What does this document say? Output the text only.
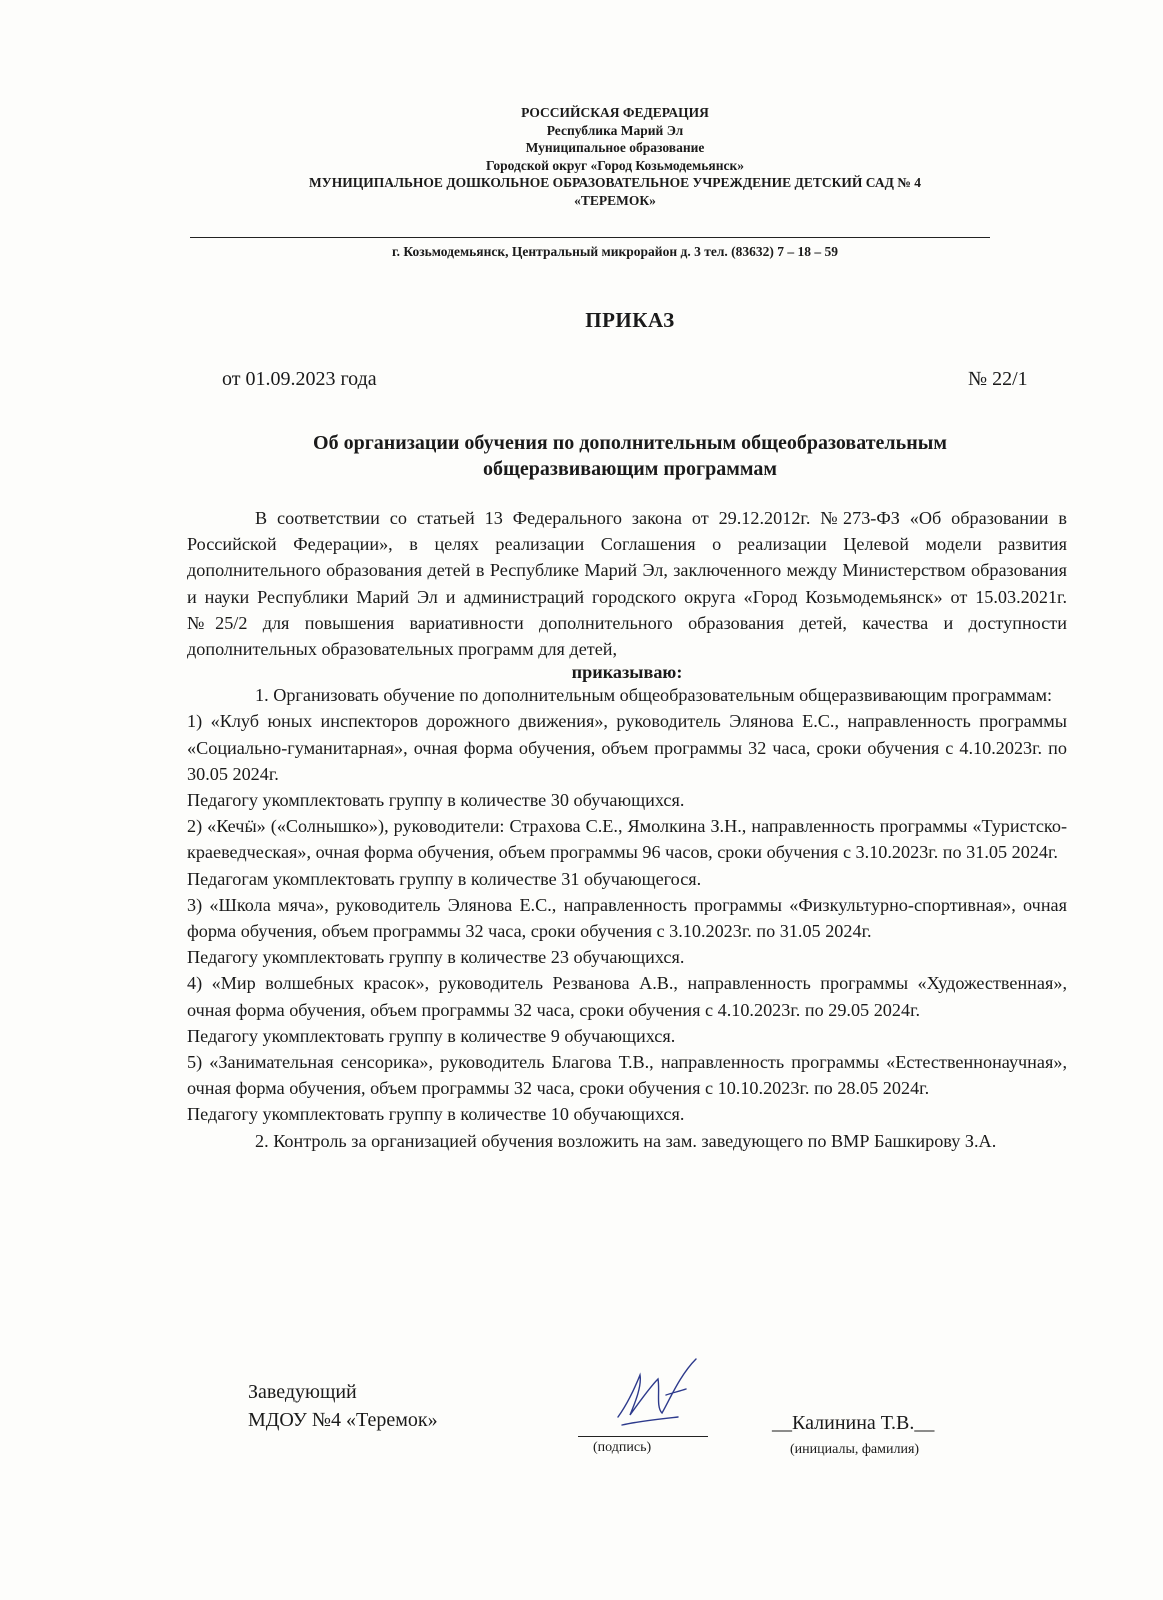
РОССИЙСКАЯ ФЕДЕРАЦИЯ
Республика Марий Эл
Муниципальное образование
Городской округ «Город Козьмодемьянск»
МУНИЦИПАЛЬНОЕ ДОШКОЛЬНОЕ ОБРАЗОВАТЕЛЬНОЕ УЧРЕЖДЕНИЕ ДЕТСКИЙ САД № 4
«ТЕРЕМОК»
г. Козьмодемьянск, Центральный микрорайон д. 3 тел. (83632) 7 – 18 – 59
ПРИКАЗ
от 01.09.2023 года	№ 22/1
Об организации обучения по дополнительным общеобразовательным
общеразвивающим программам

В соответствии со статьей 13 Федерального закона от 29.12.2012г. №273-ФЗ «Об образовании в Российской Федерации», в целях реализации Соглашения о реализации Целевой модели развития дополнительного образования детей в Республике Марий Эл, заключенного между Министерством образования и науки Республики Марий Эл и администраций городского округа «Город Козьмодемьянск» от 15.03.2021г. №25/2 для повышения вариативности дополнительного образования детей, качества и доступности дополнительных образовательных программ для детей,

приказываю:

1. Организовать обучение по дополнительным общеобразовательным общеразвивающим программам:

1) «Клуб юных инспекторов дорожного движения», руководитель Элянова Е.С., направленность программы «Социально-гуманитарная», очная форма обучения, объем программы 32 часа, сроки обучения с 4.10.2023г. по 30.05 2024г.

Педагогу укомплектовать группу в количестве 30 обучающихся.

2) «Кечӹ» («Солнышко»), руководители: Страхова С.Е., Ямолкина З.Н., направленность программы «Туристско-краеведческая», очная форма обучения, объем программы 96 часов, сроки обучения с 3.10.2023г. по 31.05 2024г.

Педагогам укомплектовать группу в количестве 31 обучающегося.

3) «Школа мяча», руководитель Элянова Е.С., направленность программы «Физкультурно-спортивная», очная форма обучения, объем программы 32 часа, сроки обучения с 3.10.2023г. по 31.05 2024г.

Педагогу укомплектовать группу в количестве 23 обучающихся.

4) «Мир волшебных красок», руководитель Резванова А.В., направленность программы «Художественная», очная форма обучения, объем программы 32 часа, сроки обучения с 4.10.2023г. по 29.05 2024г.

Педагогу укомплектовать группу в количестве 9 обучающихся.

5) «Занимательная сенсорика», руководитель Благова Т.В., направленность программы «Естественнонаучная», очная форма обучения, объем программы 32 часа, сроки обучения с 10.10.2023г. по 28.05 2024г.

Педагогу укомплектовать группу в количестве 10 обучающихся.

2. Контроль за организацией обучения возложить на зам. заведующего по ВМР Башкирову З.А.

Заведующий
МДОУ №4 «Теремок»
(подпись)
__Калинина Т.В.__
(инициалы, фамилия)
